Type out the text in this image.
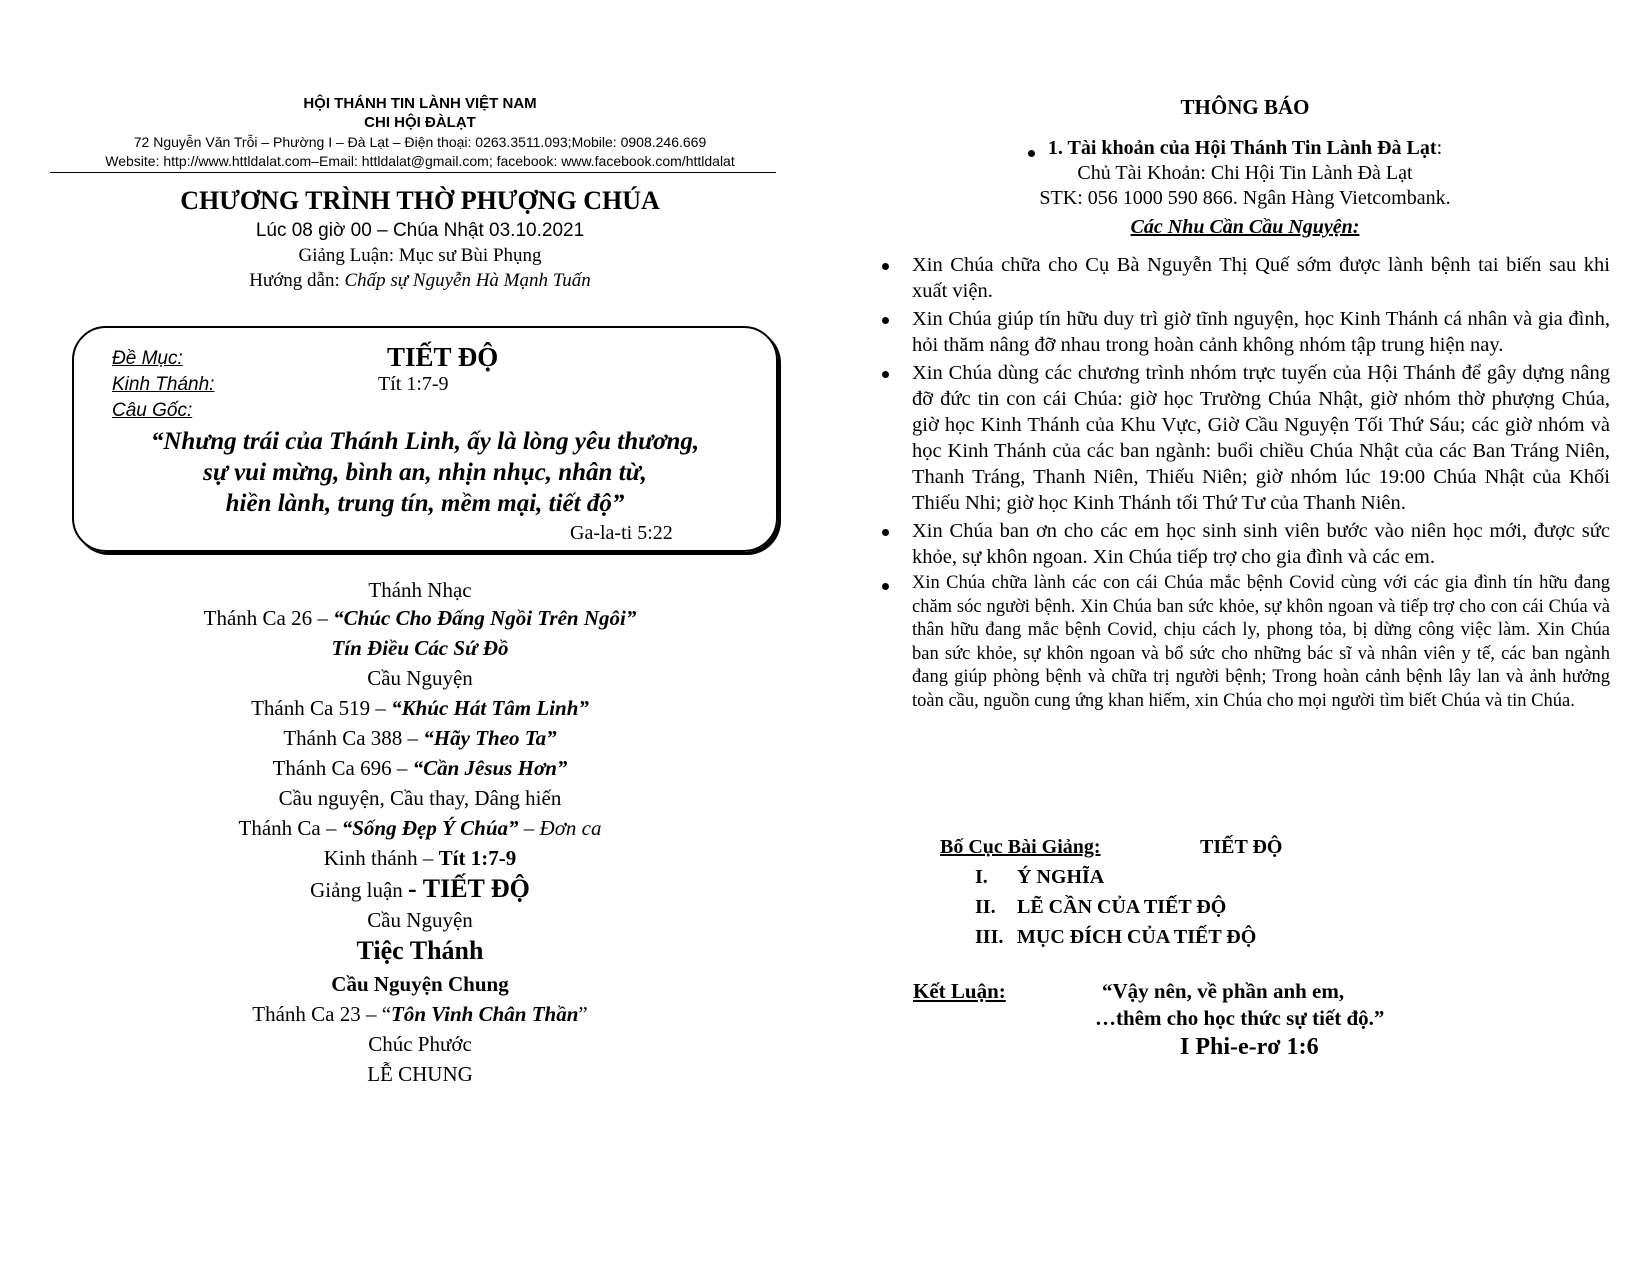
HỘI THÁNH TIN LÀNH VIỆT NAM
CHI HỘI ĐÀLẠT
72 Nguyễn Văn Trỗi – Phường I – Đà Lạt – Điện thoại: 0263.3511.093;Mobile: 0908.246.669
Website: http://www.httldalat.com–Email: httldalat@gmail.com; facebook: www.facebook.com/httldalat
CHƯƠNG TRÌNH THỜ PHƯỢNG CHÚA
Lúc 08 giờ 00 – Chúa Nhật 03.10.2021
Giảng Luận: Mục sư Bùi Phụng
Hướng dẫn: Chấp sự Nguyễn Hà Mạnh Tuấn
Đề Mục:	TIẾT ĐỘ
Kinh Thánh:	Tít 1:7-9
Câu Gốc:
“Nhưng trái của Thánh Linh, ấy là lòng yêu thương,
sự vui mừng, bình an, nhịn nhục, nhân từ,
hiền lành, trung tín, mềm mại, tiết độ”
Ga-la-ti 5:22
Thánh Nhạc
Thánh Ca 26 – “Chúc Cho Đấng Ngồi Trên Ngôi”
Tín Điều Các Sứ Đồ
Cầu Nguyện
Thánh Ca 519 – “Khúc Hát Tâm Linh”
Thánh Ca 388 – “Hãy Theo Ta”
Thánh Ca 696 – “Cần Jêsus Hơn”
Cầu nguyện, Cầu thay, Dâng hiến
Thánh Ca – “Sống Đẹp Ý Chúa” – Đơn ca
Kinh thánh – Tít 1:7-9
Giảng luận - TIẾT ĐỘ
Cầu Nguyện
Tiệc Thánh
Cầu Nguyện Chung
Thánh Ca 23 – “Tôn Vinh Chân Thần”
Chúc Phước
LỄ CHUNG
THÔNG BÁO
1. Tài khoản của Hội Thánh Tin Lành Đà Lạt:
Chủ Tài Khoản: Chi Hội Tin Lành Đà Lạt
STK: 056 1000 590 866. Ngân Hàng Vietcombank.
Các Nhu Cần Cầu Nguyện:
Xin Chúa chữa cho Cụ Bà Nguyễn Thị Quế sớm được lành bệnh tai biến sau khi xuất viện.
Xin Chúa giúp tín hữu duy trì giờ tĩnh nguyện, học Kinh Thánh cá nhân và gia đình, hỏi thăm nâng đỡ nhau trong hoàn cảnh không nhóm tập trung hiện nay.
Xin Chúa dùng các chương trình nhóm trực tuyến của Hội Thánh để gây dựng nâng đỡ đức tin con cái Chúa: giờ học Trường Chúa Nhật, giờ nhóm thờ phượng Chúa, giờ học Kinh Thánh của Khu Vực, Giờ Cầu Nguyện Tối Thứ Sáu; các giờ nhóm và học Kinh Thánh của các ban ngành: buổi chiều Chúa Nhật của các Ban Tráng Niên, Thanh Tráng, Thanh Niên, Thiếu Niên; giờ nhóm lúc 19:00 Chúa Nhật của Khối Thiếu Nhi; giờ học Kinh Thánh tối Thứ Tư của Thanh Niên.
Xin Chúa ban ơn cho các em học sinh sinh viên bước vào niên học mới, được sức khỏe, sự khôn ngoan. Xin Chúa tiếp trợ cho gia đình và các em.
Xin Chúa chữa lành các con cái Chúa mắc bệnh Covid cùng với các gia đình tín hữu đang chăm sóc người bệnh. Xin Chúa ban sức khỏe, sự khôn ngoan và tiếp trợ cho con cái Chúa và thân hữu đang mắc bệnh Covid, chịu cách ly, phong tỏa, bị dừng công việc làm. Xin Chúa ban sức khỏe, sự khôn ngoan và bổ sức cho những bác sĩ và nhân viên y tế, các ban ngành đang giúp phòng bệnh và chữa trị người bệnh; Trong hoàn cảnh bệnh lây lan và ảnh hưởng toàn cầu, nguồn cung ứng khan hiếm, xin Chúa cho mọi người tìm biết Chúa và tin Chúa.
Bố Cục Bài Giảng:	TIẾT ĐỘ
I. Ý NGHĨA
II. LẼ CẦN CỦA TIẾT ĐỘ
III. MỤC ĐÍCH CỦA TIẾT ĐỘ
Kết Luận:	“Vậy nên, về phần anh em,
…thêm cho học thức sự tiết độ.”
I Phi-e-rơ 1:6
